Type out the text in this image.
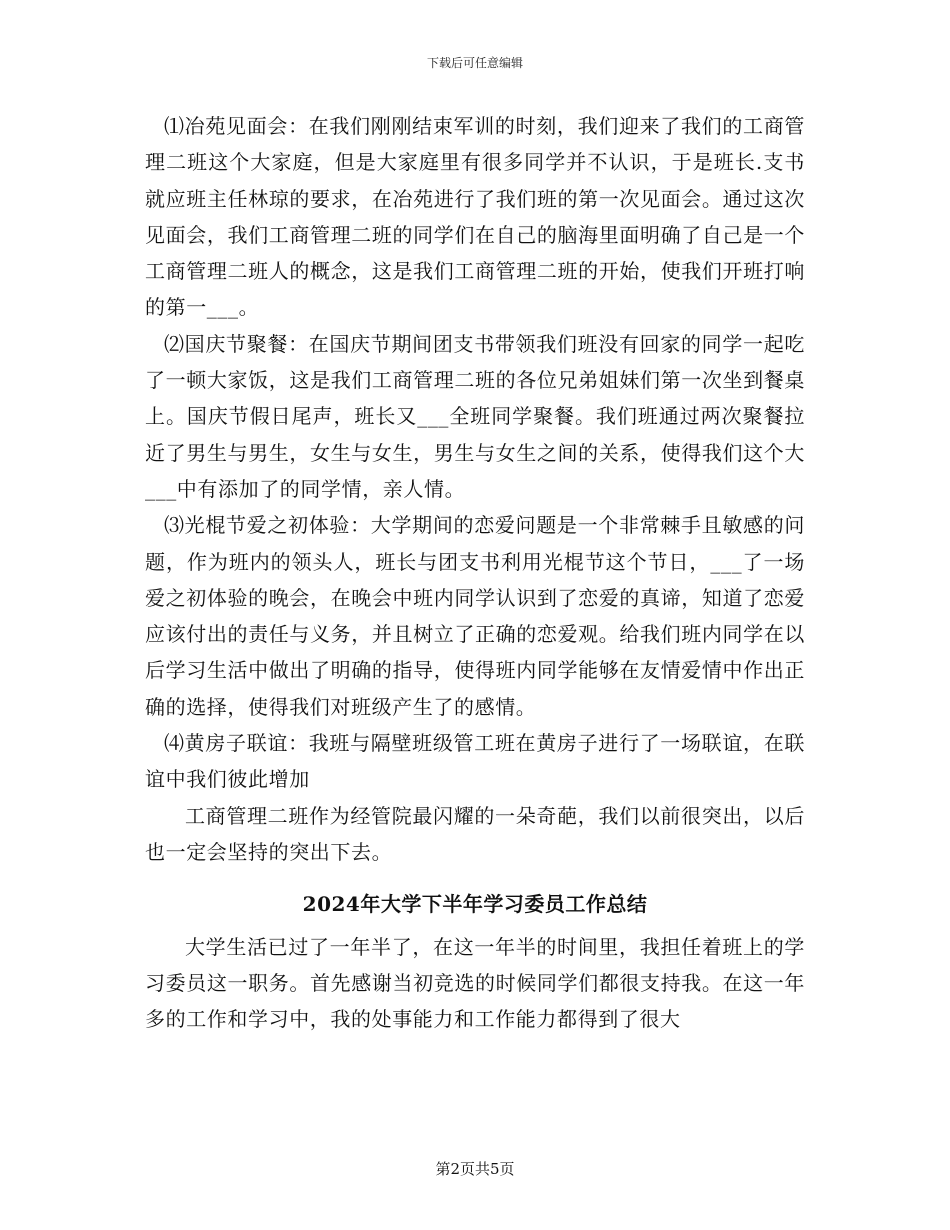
下载后可任意编辑

⑴冶苑见面会：在我们刚刚结束军训的时刻，我们迎来了我们的工商管理二班这个大家庭，但是大家庭里有很多同学并不认识，于是班长.支书就应班主任林琼的要求，在冶苑进行了我们班的第一次见面会。通过这次见面会，我们工商管理二班的同学们在自己的脑海里面明确了自己是一个工商管理二班人的概念，这是我们工商管理二班的开始，使我们开班打响的第一___。

⑵国庆节聚餐：在国庆节期间团支书带领我们班没有回家的同学一起吃了一顿大家饭，这是我们工商管理二班的各位兄弟姐妹们第一次坐到餐桌上。国庆节假日尾声，班长又___全班同学聚餐。我们班通过两次聚餐拉近了男生与男生，女生与女生，男生与女生之间的关系，使得我们这个大___中有添加了的同学情，亲人情。

⑶光棍节爱之初体验：大学期间的恋爱问题是一个非常棘手且敏感的问题，作为班内的领头人，班长与团支书利用光棍节这个节日，___了一场爱之初体验的晚会，在晚会中班内同学认识到了恋爱的真谛，知道了恋爱应该付出的责任与义务，并且树立了正确的恋爱观。给我们班内同学在以后学习生活中做出了明确的指导，使得班内同学能够在友情爱情中作出正确的选择，使得我们对班级产生了的感情。

⑷黄房子联谊：我班与隔壁班级管工班在黄房子进行了一场联谊，在联谊中我们彼此增加

工商管理二班作为经管院最闪耀的一朵奇葩，我们以前很突出，以后也一定会坚持的突出下去。

2024年大学下半年学习委员工作总结

大学生活已过了一年半了，在这一年半的时间里，我担任着班上的学习委员这一职务。首先感谢当初竞选的时候同学们都很支持我。在这一年多的工作和学习中，我的处事能力和工作能力都得到了很大

第2页共5页
